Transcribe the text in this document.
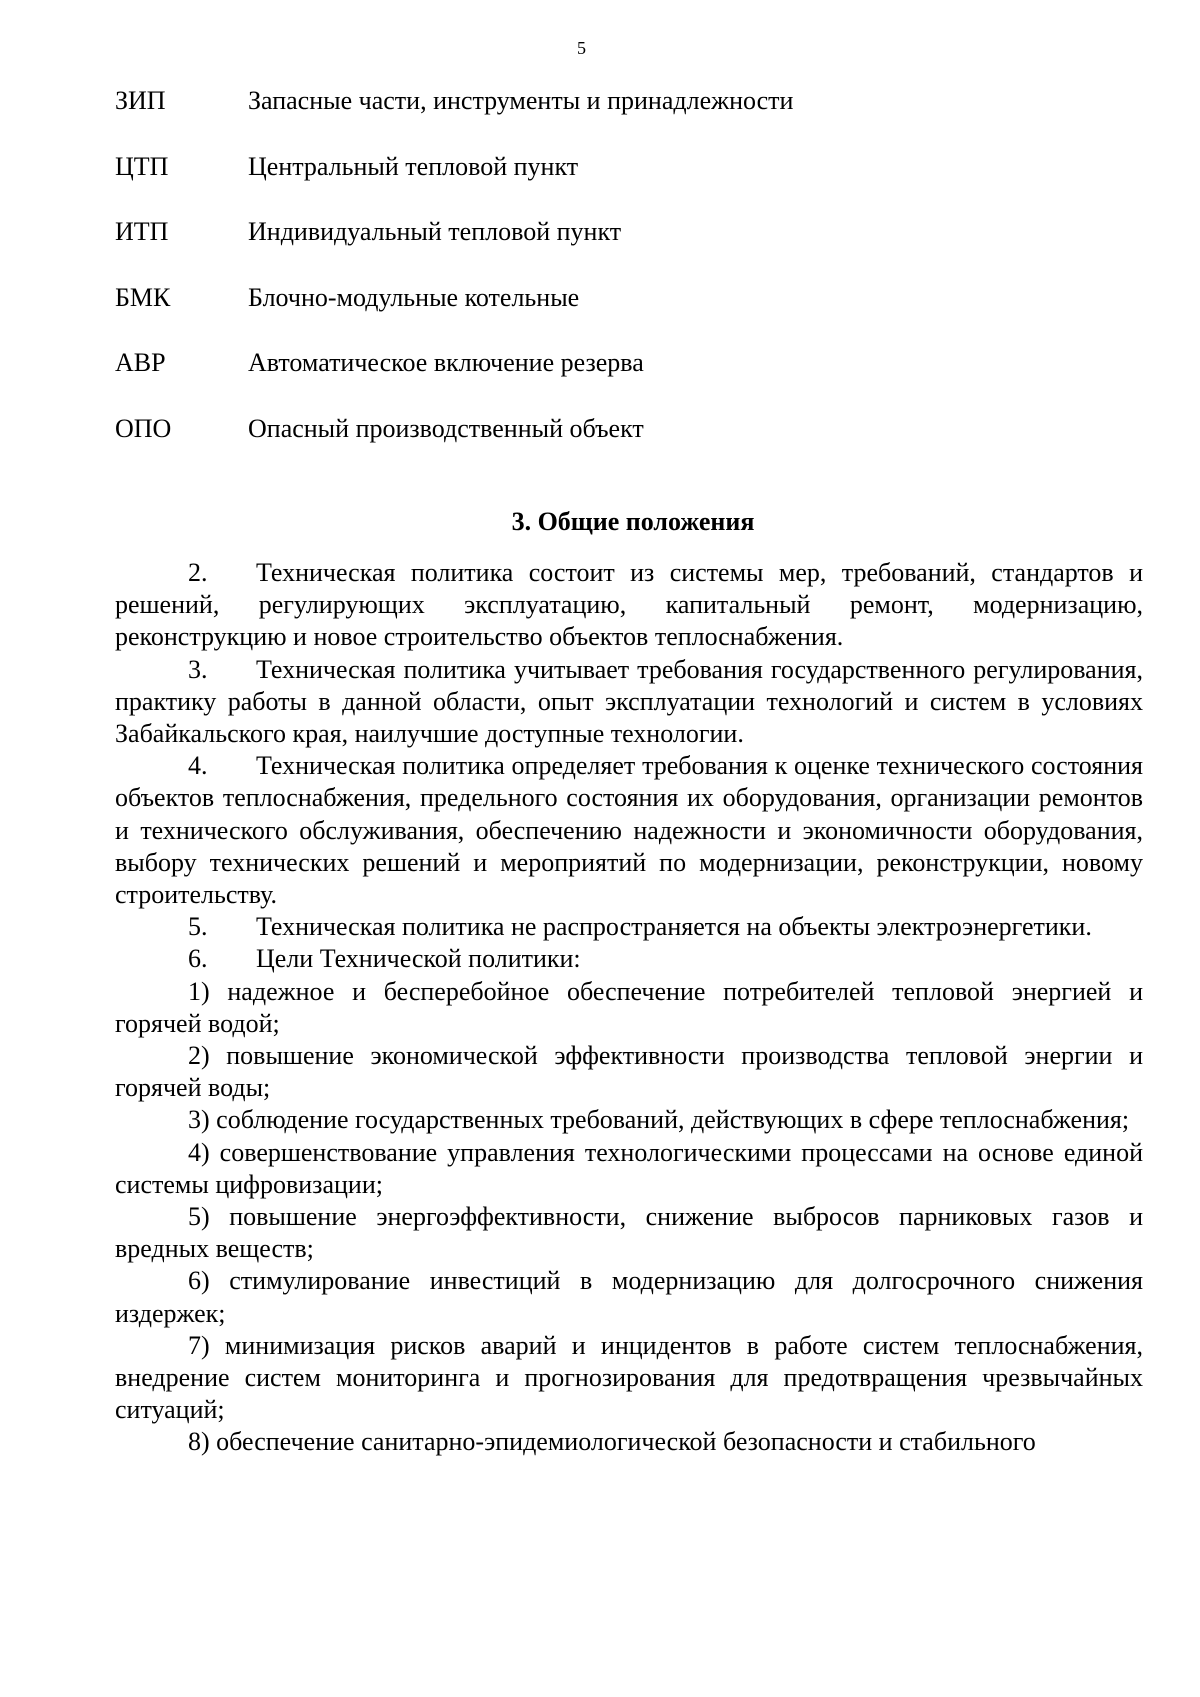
5
ЗИП	Запасные части, инструменты и принадлежности
ЦТП	Центральный тепловой пункт
ИТП	Индивидуальный тепловой пункт
БМК	Блочно-модульные котельные
АВР	Автоматическое включение резерва
ОПО	Опасный производственный объект
3. Общие положения

2. Техническая политика состоит из системы мер, требований, стандартов и решений, регулирующих эксплуатацию, капитальный ремонт, модернизацию, реконструкцию и новое строительство объектов теплоснабжения.

3. Техническая политика учитывает требования государственного регулирования, практику работы в данной области, опыт эксплуатации технологий и систем в условиях Забайкальского края, наилучшие доступные технологии.

4. Техническая политика определяет требования к оценке технического состояния объектов теплоснабжения, предельного состояния их оборудования, организации ремонтов и технического обслуживания, обеспечению надежности и экономичности оборудования, выбору технических решений и мероприятий по модернизации, реконструкции, новому строительству.

5. Техническая политика не распространяется на объекты электроэнергетики.

6. Цели Технической политики:

1) надежное и бесперебойное обеспечение потребителей тепловой энергией и горячей водой;

2) повышение экономической эффективности производства тепловой энергии и горячей воды;

3) соблюдение государственных требований, действующих в сфере теплоснабжения;

4) совершенствование управления технологическими процессами на основе единой системы цифровизации;

5) повышение энергоэффективности, снижение выбросов парниковых газов и вредных веществ;

6) стимулирование инвестиций в модернизацию для долгосрочного снижения издержек;

7) минимизация рисков аварий и инцидентов в работе систем теплоснабжения, внедрение систем мониторинга и прогнозирования для предотвращения чрезвычайных ситуаций;

8) обеспечение санитарно-эпидемиологической безопасности и стабильного
